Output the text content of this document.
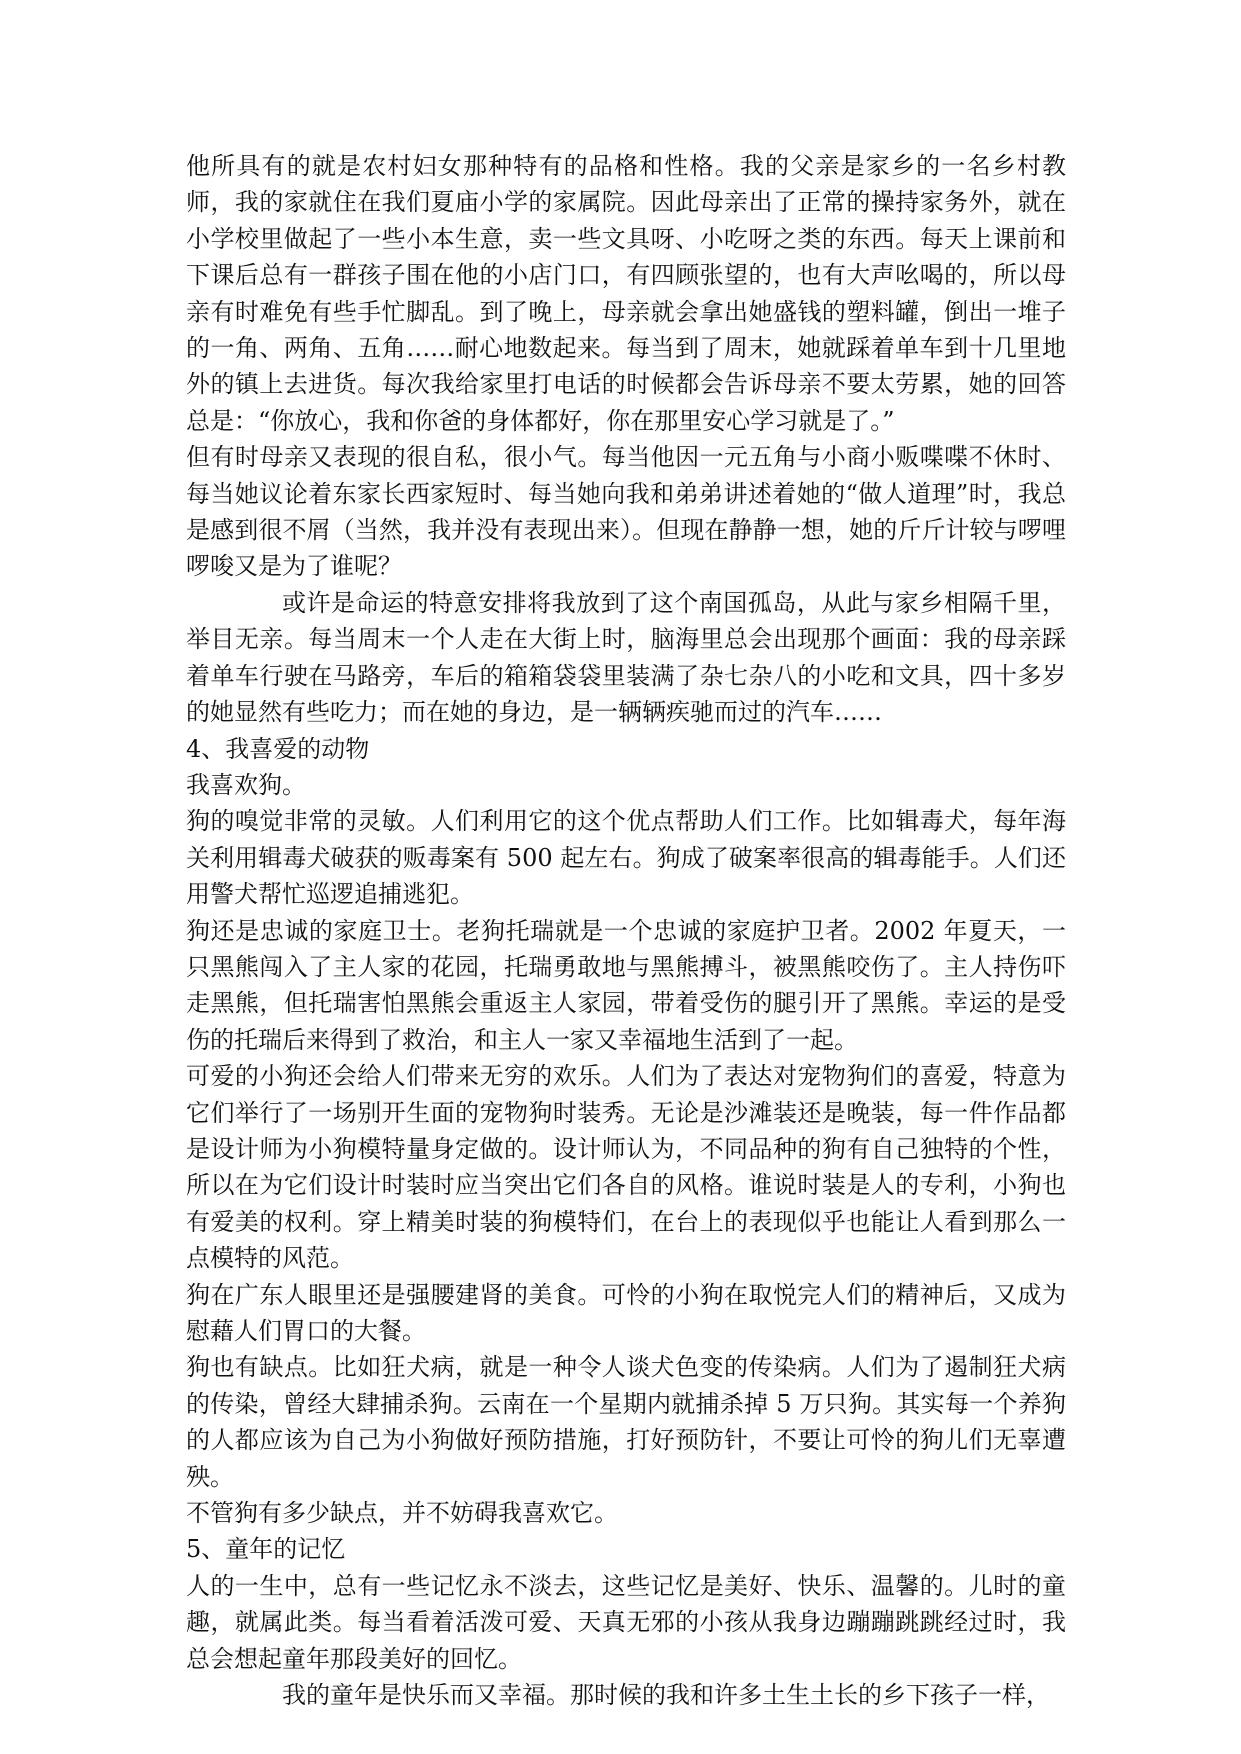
他所具有的就是农村妇女那种特有的品格和性格。我的父亲是家乡的一名乡村教师，我的家就住在我们夏庙小学的家属院。因此母亲出了正常的操持家务外，就在小学校里做起了一些小本生意，卖一些文具呀、小吃呀之类的东西。每天上课前和下课后总有一群孩子围在他的小店门口，有四顾张望的，也有大声吆喝的，所以母亲有时难免有些手忙脚乱。到了晚上，母亲就会拿出她盛钱的塑料罐，倒出一堆子的一角、两角、五角……耐心地数起来。每当到了周末，她就踩着单车到十几里地外的镇上去进货。每次我给家里打电话的时候都会告诉母亲不要太劳累，她的回答总是：“你放心，我和你爸的身体都好，你在那里安心学习就是了。”

但有时母亲又表现的很自私，很小气。每当他因一元五角与小商小贩喋喋不休时、每当她议论着东家长西家短时、每当她向我和弟弟讲述着她的“做人道理”时，我总是感到很不屑（当然，我并没有表现出来）。但现在静静一想，她的斤斤计较与啰哩啰唆又是为了谁呢？

或许是命运的特意安排将我放到了这个南国孤岛，从此与家乡相隔千里，举目无亲。每当周末一个人走在大街上时，脑海里总会出现那个画面：我的母亲踩着单车行驶在马路旁，车后的箱箱袋袋里装满了杂七杂八的小吃和文具，四十多岁的她显然有些吃力；而在她的身边，是一辆辆疾驰而过的汽车……

4、我喜爱的动物

我喜欢狗。

狗的嗅觉非常的灵敏。人们利用它的这个优点帮助人们工作。比如辑毒犬，每年海关利用辑毒犬破获的贩毒案有 500 起左右。狗成了破案率很高的辑毒能手。人们还用警犬帮忙巡逻追捕逃犯。

狗还是忠诚的家庭卫士。老狗托瑞就是一个忠诚的家庭护卫者。2002 年夏天，一只黑熊闯入了主人家的花园，托瑞勇敢地与黑熊搏斗，被黑熊咬伤了。主人持伤吓走黑熊，但托瑞害怕黑熊会重返主人家园，带着受伤的腿引开了黑熊。幸运的是受伤的托瑞后来得到了救治，和主人一家又幸福地生活到了一起。

可爱的小狗还会给人们带来无穷的欢乐。人们为了表达对宠物狗们的喜爱，特意为它们举行了一场别开生面的宠物狗时装秀。无论是沙滩装还是晚装，每一件作品都是设计师为小狗模特量身定做的。设计师认为，不同品种的狗有自己独特的个性，所以在为它们设计时装时应当突出它们各自的风格。谁说时装是人的专利，小狗也有爱美的权利。穿上精美时装的狗模特们，在台上的表现似乎也能让人看到那么一点模特的风范。

狗在广东人眼里还是强腰建肾的美食。可怜的小狗在取悦完人们的精神后，又成为慰藉人们胃口的大餐。

狗也有缺点。比如狂犬病，就是一种令人谈犬色变的传染病。人们为了遏制狂犬病的传染，曾经大肆捕杀狗。云南在一个星期内就捕杀掉 5 万只狗。其实每一个养狗的人都应该为自己为小狗做好预防措施，打好预防针，不要让可怜的狗儿们无辜遭殃。

不管狗有多少缺点，并不妨碍我喜欢它。

5、童年的记忆

人的一生中，总有一些记忆永不淡去，这些记忆是美好、快乐、温馨的。儿时的童趣，就属此类。每当看着活泼可爱、天真无邪的小孩从我身边蹦蹦跳跳经过时，我总会想起童年那段美好的回忆。

我的童年是快乐而又幸福。那时候的我和许多土生土长的乡下孩子一样，
